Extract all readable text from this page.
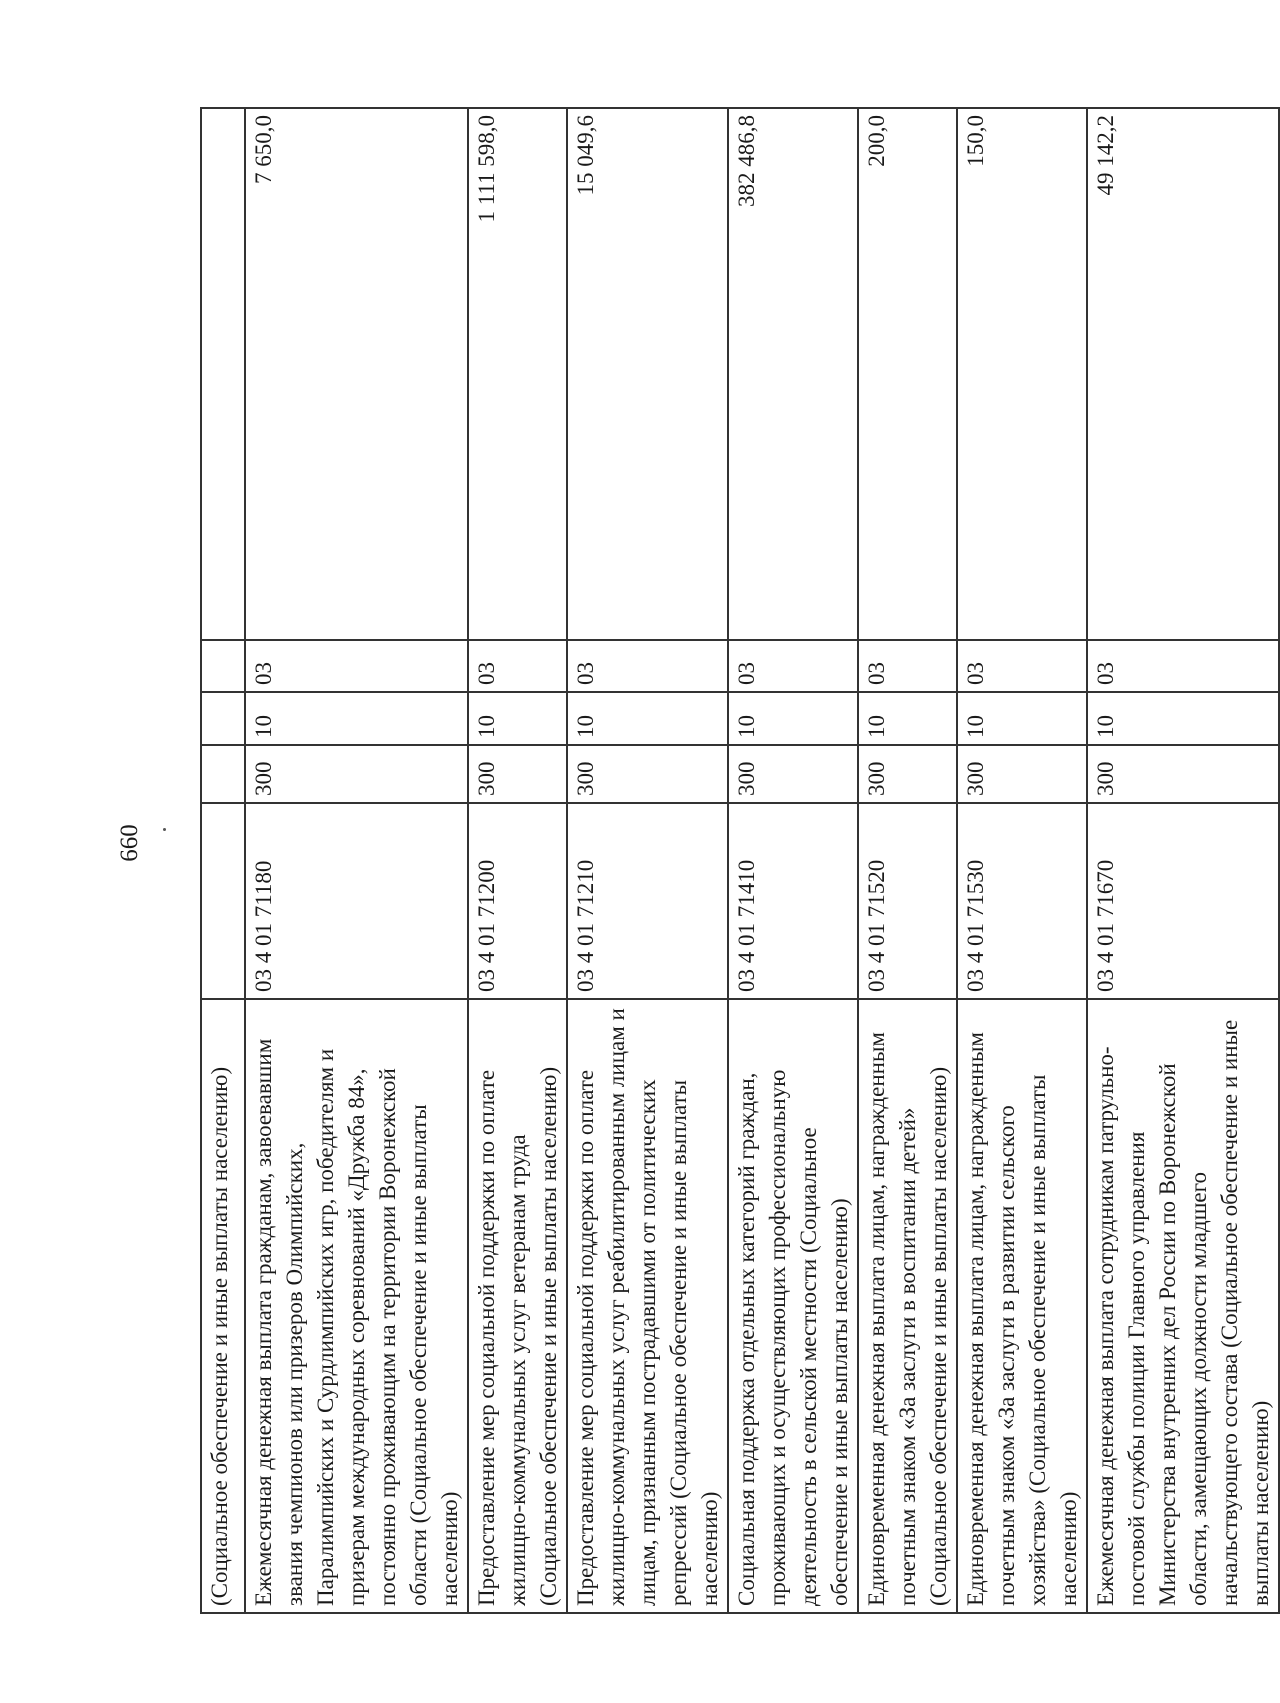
660
(Социальное обеспечение и иные выплаты населению)					
Ежемесячная денежная выплата гражданам, завоевавшим звания чемпионов или призеров Олимпийских, Паралимпийских и Сурдлимпийских игр, победителям и призерам международных соревнований «Дружба 84», постоянно проживающим на территории Воронежской области (Социальное обеспечение и иные выплаты населению)	03 4 01 71180	300	10	03	7 650,0
Предоставление мер социальной поддержки по оплате жилищно-коммунальных услуг ветеранам труда (Социальное обеспечение и иные выплаты населению)	03 4 01 71200	300	10	03	1 111 598,0
Предоставление мер социальной поддержки по оплате жилищно-коммунальных услуг реабилитированным лицам и лицам, признанным пострадавшими от политических репрессий (Социальное обеспечение и иные выплаты населению)	03 4 01 71210	300	10	03	15 049,6
Социальная поддержка отдельных категорий граждан, проживающих и осуществляющих профессиональную деятельность в сельской местности (Социальное обеспечение и иные выплаты населению)	03 4 01 71410	300	10	03	382 486,8
Единовременная денежная выплата лицам, награжденным почетным знаком «За заслуги в воспитании детей» (Социальное обеспечение и иные выплаты населению)	03 4 01 71520	300	10	03	200,0
Единовременная денежная выплата лицам, награжденным почетным знаком «За заслуги в развитии сельского хозяйства» (Социальное обеспечение и иные выплаты населению)	03 4 01 71530	300	10	03	150,0
Ежемесячная денежная выплата сотрудникам патрульно-постовой службы полиции Главного управления Министерства внутренних дел России по Воронежской области, замещающих должности младшего начальствующего состава (Социальное обеспечение и иные выплаты населению)	03 4 01 71670	300	10	03	49 142,2
